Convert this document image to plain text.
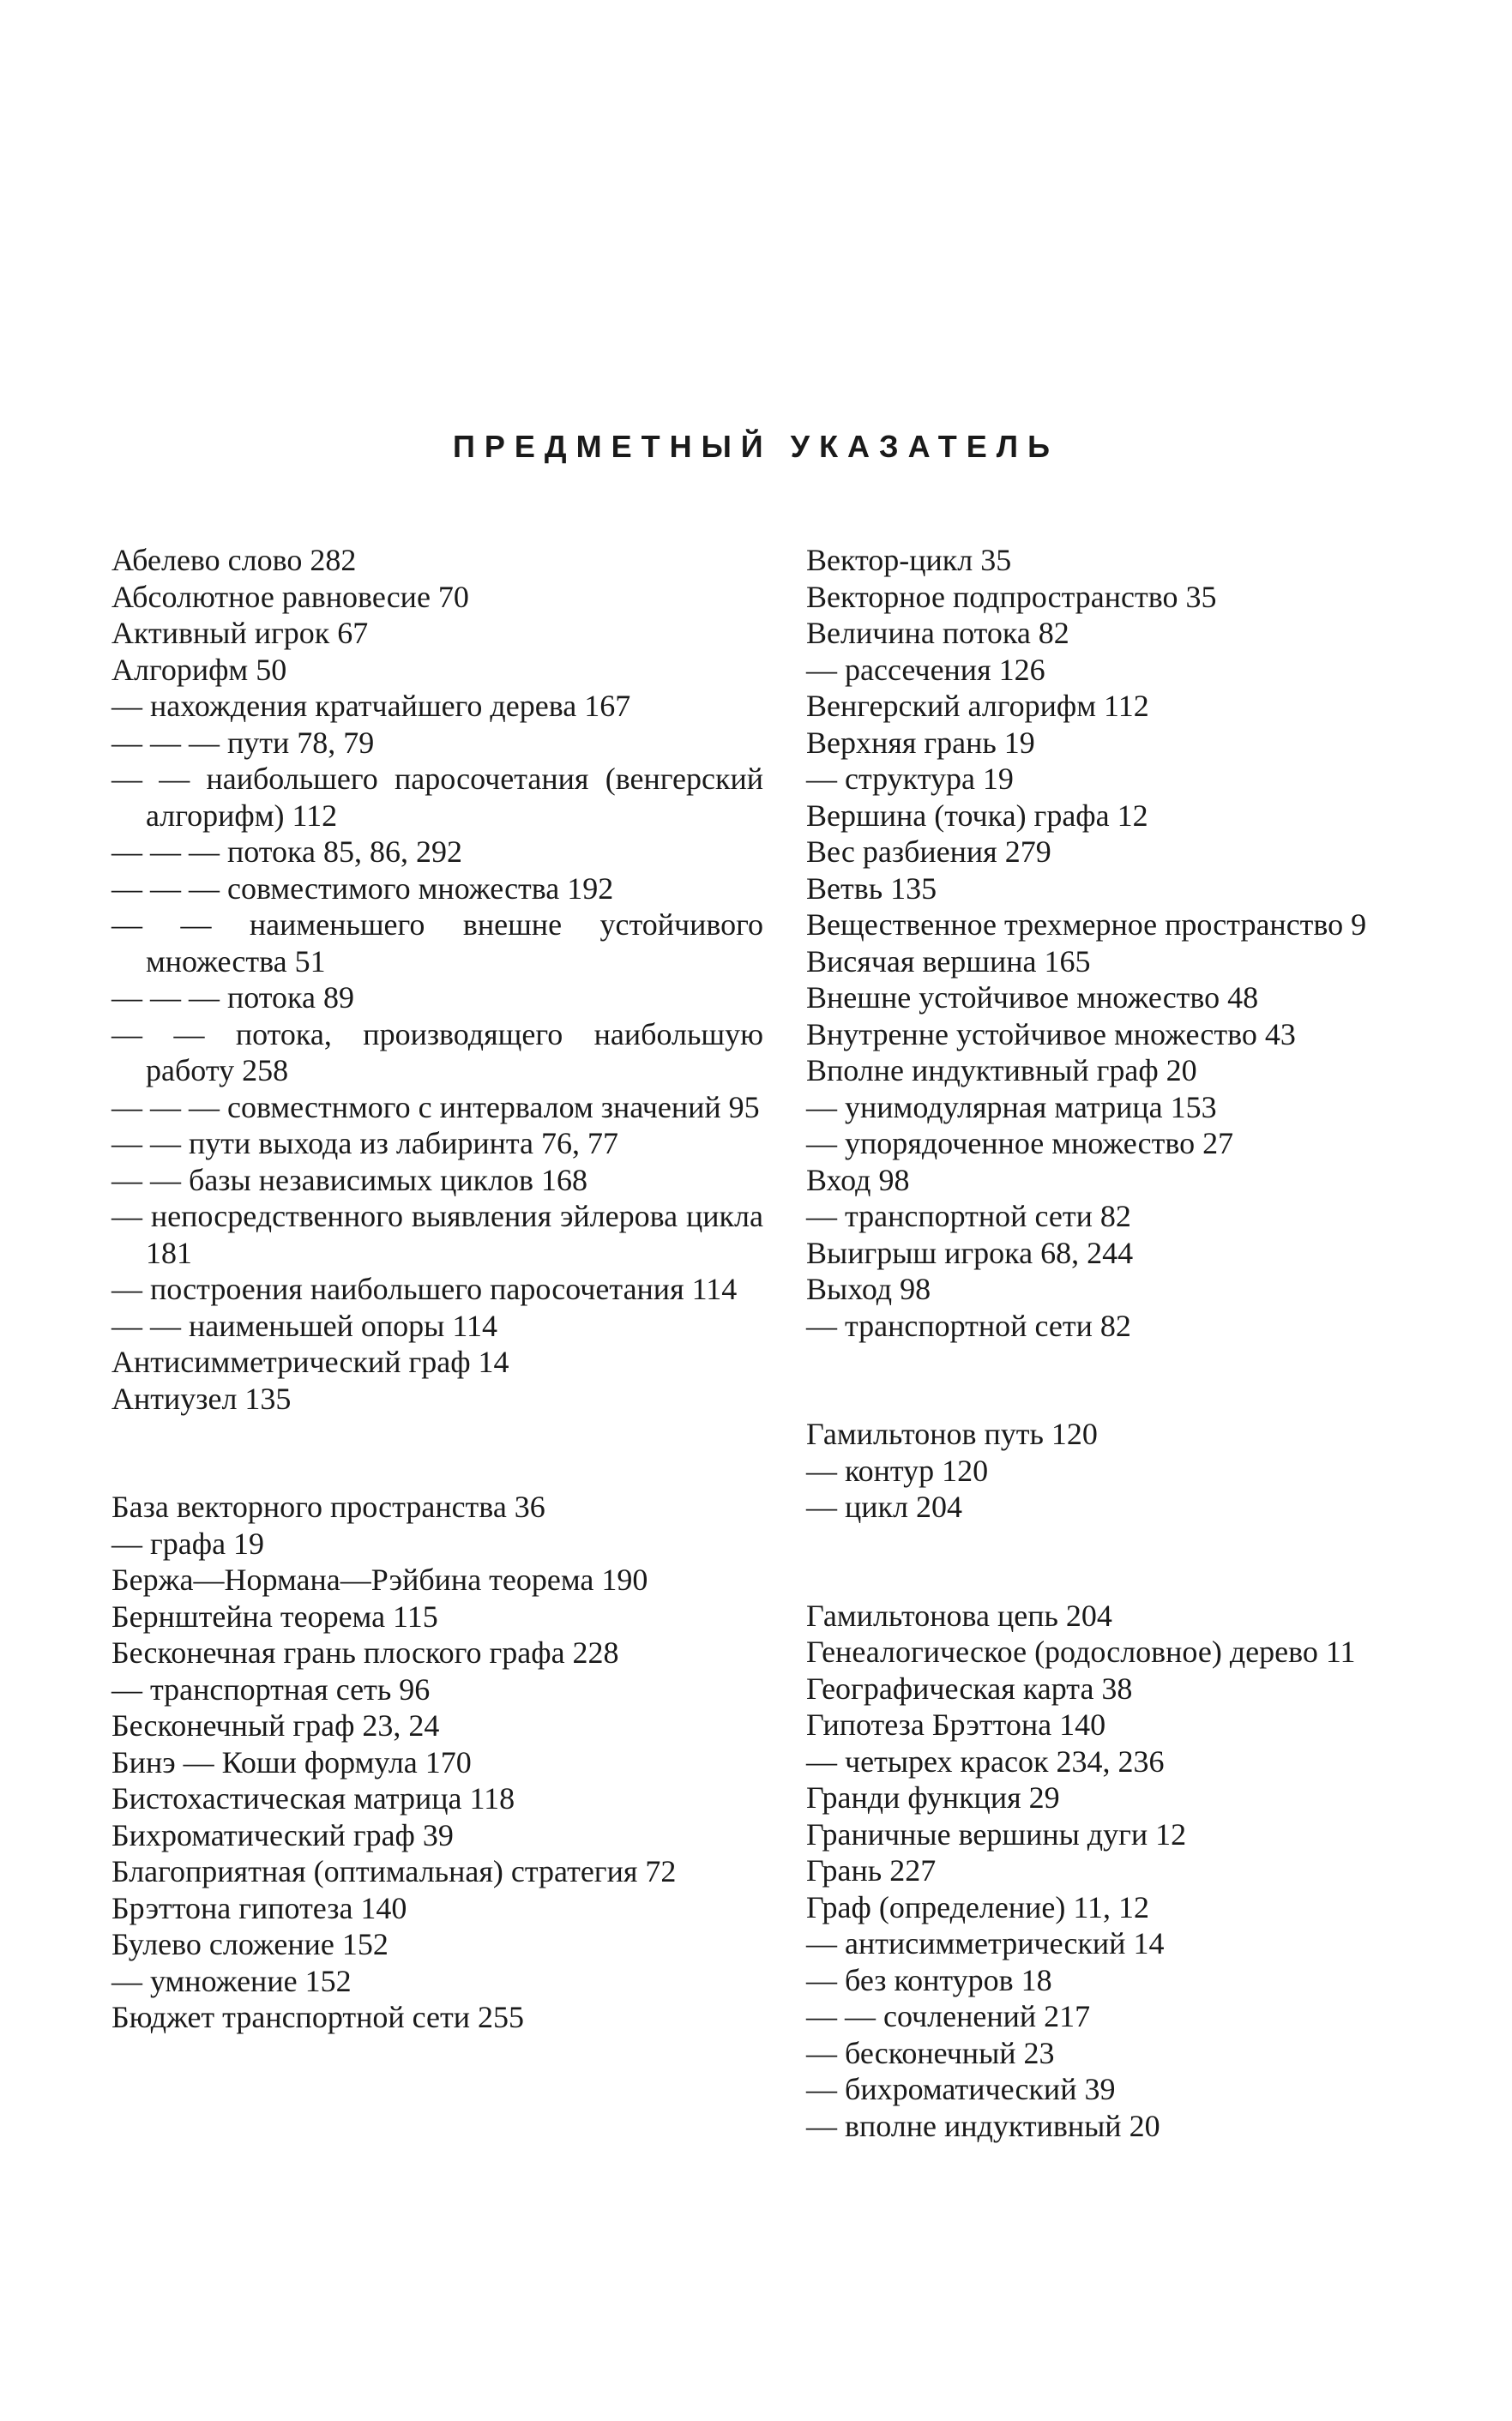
ПРЕДМЕТНЫЙ УКАЗАТЕЛЬ
Абелево слово 282
Абсолютное равновесие 70
Активный игрок 67
Алгорифм 50
— нахождения кратчайшего дерева 167
— — — пути 78, 79
— — наибольшего паросочетания (венгерский алгорифм) 112
— — — потока 85, 86, 292
— — — совместимого множества 192
— — наименьшего внешне устойчивого множества 51
— — — потока 89
— — потока, производящего наибольшую работу 258
— — — совместнмого с интервалом значений 95
— — пути выхода из лабиринта 76, 77
— — базы независимых циклов 168
— непосредственного выявления эйлерова цикла 181
— построения наибольшего паросочетания 114
— — наименьшей опоры 114
Антисимметрический граф 14
Антиузел 135
База векторного пространства 36
— графа 19
Бержа—Нормана—Рэйбина теорема 190
Бернштейна теорема 115
Бесконечная грань плоского графа 228
— транспортная сеть 96
Бесконечный граф 23, 24
Бинэ — Коши формула 170
Бистохастическая матрица 118
Бихроматический граф 39
Благоприятная (оптимальная) стратегия 72
Брэттона гипотеза 140
Булево сложение 152
— умножение 152
Бюджет транспортной сети 255
Вектор-цикл 35
Векторное подпространство 35
Величина потока 82
— рассечения 126
Венгерский алгорифм 112
Верхняя грань 19
— структура 19
Вершина (точка) графа 12
Вес разбиения 279
Ветвь 135
Вещественное трехмерное пространство 9
Висячая вершина 165
Внешне устойчивое множество 48
Внутренне устойчивое множество 43
Вполне индуктивный граф 20
— унимодулярная матрица 153
— упорядоченное множество 27
Вход 98
— транспортной сети 82
Выигрыш игрока 68, 244
Выход 98
— транспортной сети 82
Гамильтонов путь 120
— контур 120
— цикл 204
Гамильтонова цепь 204
Генеалогическое (родословное) дерево 11
Географическая карта 38
Гипотеза Брэттона 140
— четырех красок 234, 236
Гранди функция 29
Граничные вершины дуги 12
Грань 227
Граф (определение) 11, 12
— антисимметрический 14
— без контуров 18
— — сочленений 217
— бесконечный 23
— бихроматический 39
— вполне индуктивный 20
